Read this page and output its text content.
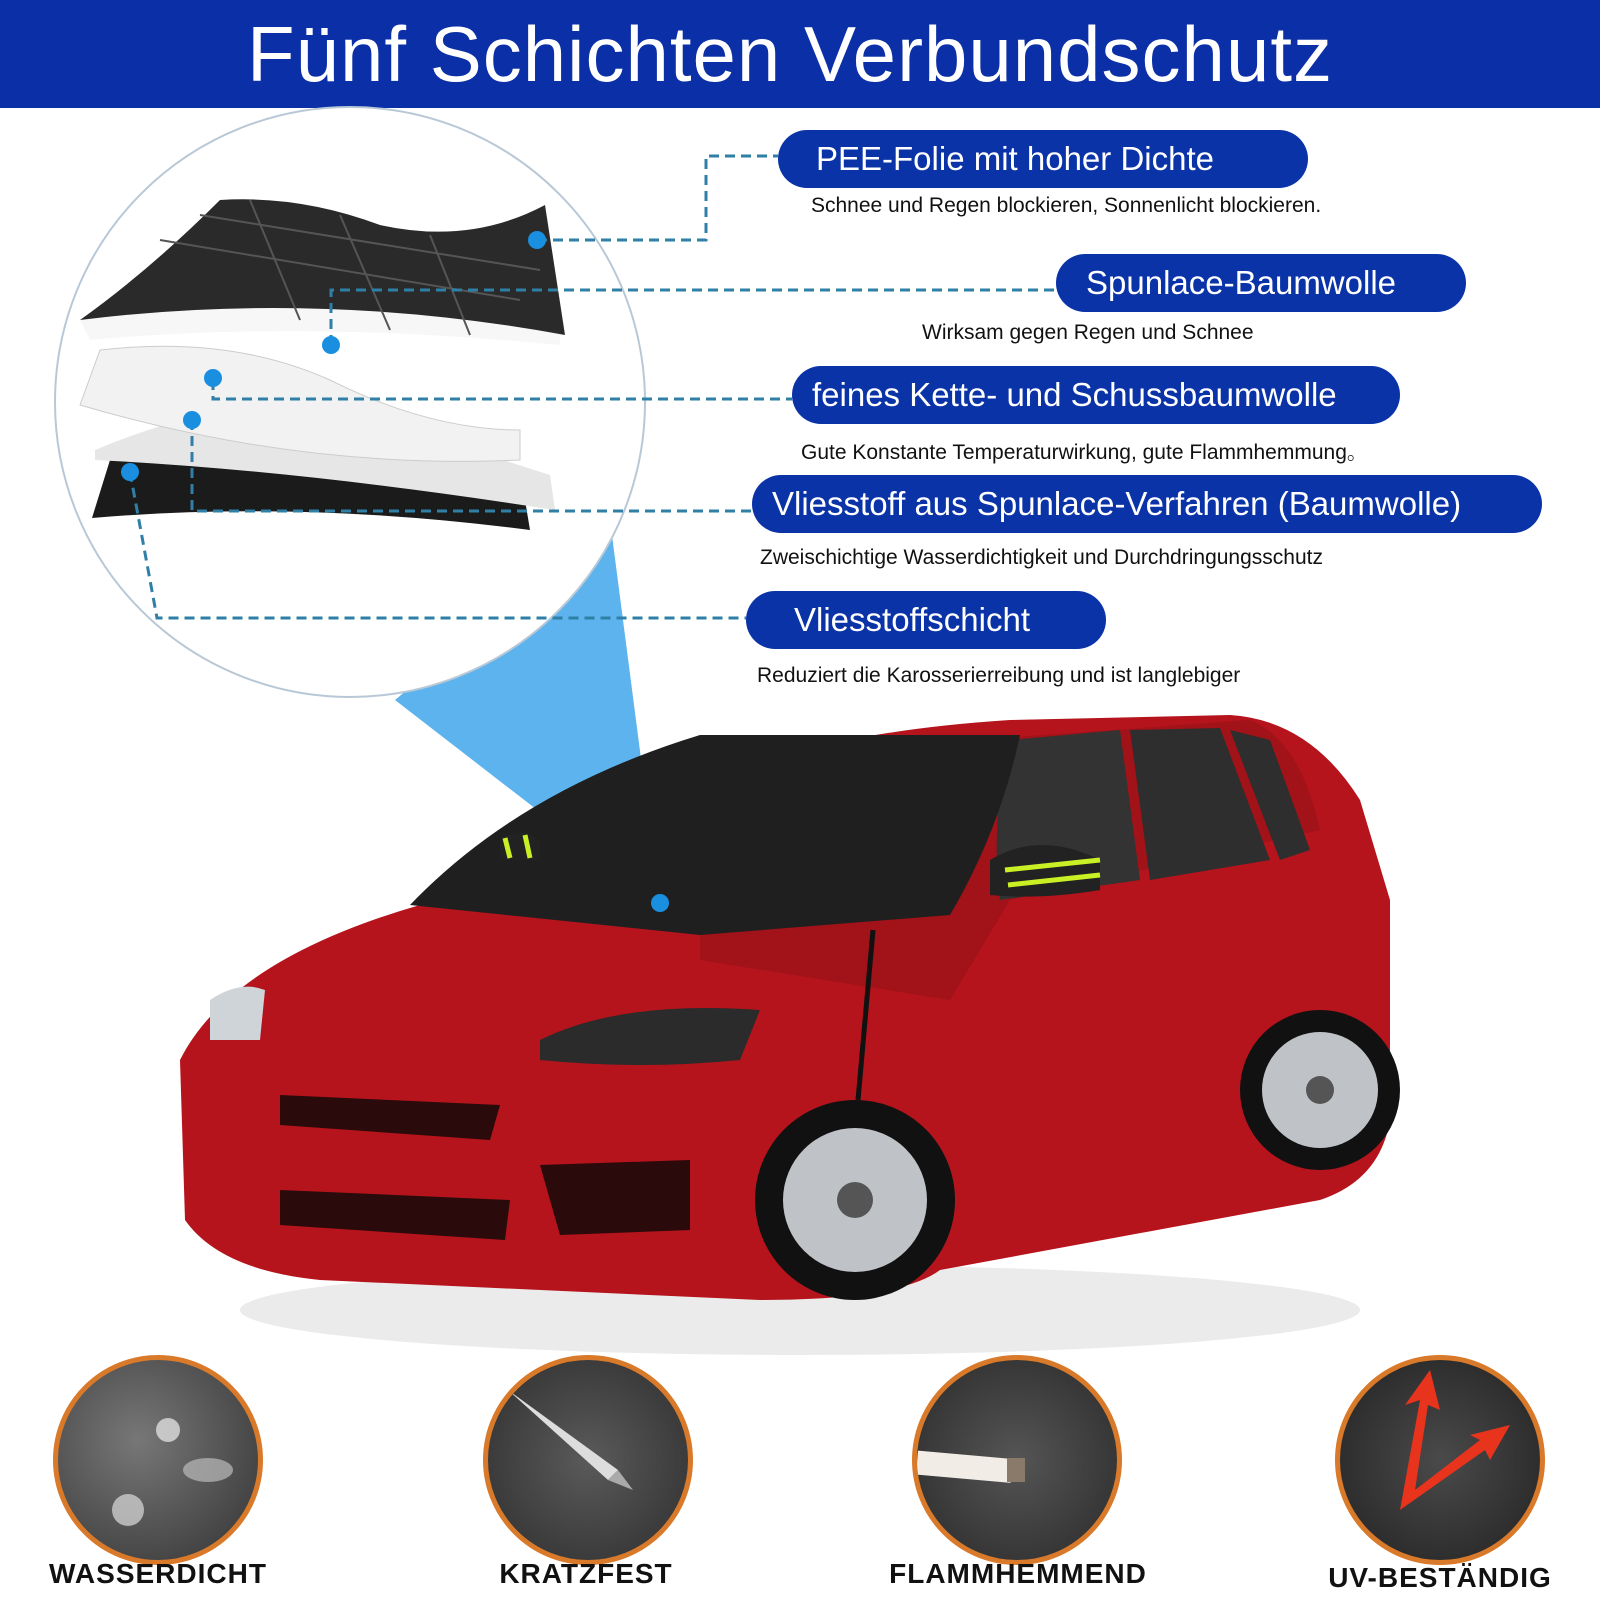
Fünf Schichten Verbundschutz
PEE-Folie mit hoher Dichte
Schnee und Regen blockieren, Sonnenlicht blockieren.
Spunlace-Baumwolle
Wirksam gegen Regen und Schnee
feines Kette- und Schussbaumwolle
Gute Konstante Temperaturwirkung, gute Flammhemmung。
Vliesstoff aus Spunlace-Verfahren (Baumwolle)
Zweischichtige Wasserdichtigkeit und Durchdringungsschutz
Vliesstoffschicht
Reduziert die Karosserierreibung und ist langlebiger
WASSERDICHT	KRATZFEST	FLAMMHEMMEND	UV-BESTÄNDIG
